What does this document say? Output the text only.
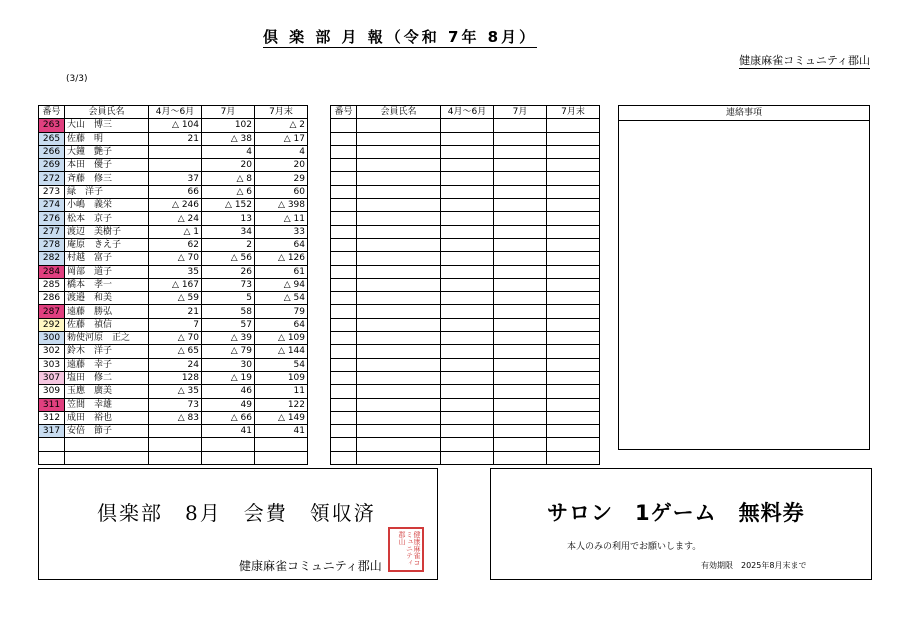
倶 楽 部 月 報（令和 7年 8月）
健康麻雀コミュニティ郡山
(3/3)
番号	会員氏名	4月～6月	7月	7月末
263	大山　博三	△ 104	102	△ 2
265	佐藤　明	21	△ 38	△ 17
266	大鐘　艶子		4	4
269	本田　優子		20	20
272	斉藤　修三	37	△ 8	29
273	緑　洋子	66	△ 6	60
274	小嶋　義栄	△ 246	△ 152	△ 398
276	松本　京子	△ 24	13	△ 11
277	渡辺　美樹子	△ 1	34	33
278	庵原　きえ子	62	2	64
282	村越　富子	△ 70	△ 56	△ 126
284	岡部　道子	35	26	61
285	橋本　孝一	△ 167	73	△ 94
286	渡邉　和美	△ 59	5	△ 54
287	遠藤　勝弘	21	58	79
292	佐藤　禎信	7	57	64
300	勅使河原　正之	△ 70	△ 39	△ 109
302	鈴木　洋子	△ 65	△ 79	△ 144
303	遠藤　幸子	24	30	54
307	塩田　修二	128	△ 19	109
309	玉應　廣美	△ 35	46	11
311	笠間　幸雄	73	49	122
312	成田　裕也	△ 83	△ 66	△ 149
317	安倍　節子		41	41

番号	会員氏名	4月～6月	7月	7月末

					連絡事項
倶楽部　8月　会費　領収済
健康麻雀コミュニティ郡山	健康麻雀コミュニティ郡山
サロン　1ゲーム　無料券
本人のみの利用でお願いします。
有効期限　2025年8月末まで
